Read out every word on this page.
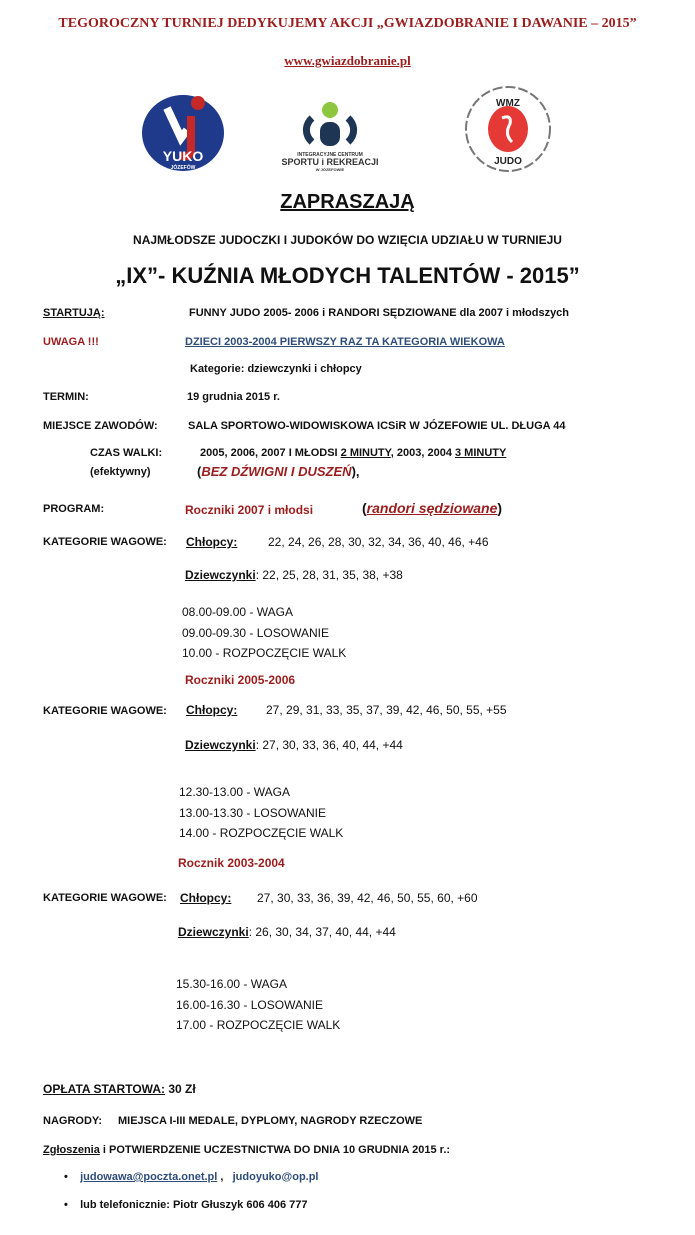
TEGOROCZNY TURNIEJ DEDYKUJEMY AKCJI „GWIAZDOBRANIE I DAWANIE – 2015”
www.gwiazdobranie.pl
YUKO
JÓZEFÓW
INTEGRACYJNE CENTRUM
SPORTU i REKREACJI
W JÓZEFOWIE
WMZ
JUDO
ZAPRASZAJĄ
NAJMŁODSZE JUDOCZKI I JUDOKÓW DO WZIĘCIA UDZIAŁU W TURNIEJU
„IX”- KUŹNIA MŁODYCH TALENTÓW - 2015”
STARTUJĄ:	FUNNY JUDO 2005- 2006 i RANDORI SĘDZIOWANE dla 2007 i młodszych
UWAGA !!!	DZIECI 2003-2004 PIERWSZY RAZ TA KATEGORIA WIEKOWA
Kategorie: dziewczynki i chłopcy
TERMIN:	19 grudnia 2015 r.
MIEJSCE ZAWODÓW:	SALA SPORTOWO-WIDOWISKOWA ICSiR W JÓZEFOWIE UL. DŁUGA 44
CZAS WALKI:	2005, 2006, 2007 I MŁODSI 2 MINUTY, 2003, 2004 3 MINUTY
(efektywny)	(BEZ DŹWIGNI I DUSZEŃ),
PROGRAM:	Roczniki 2007 i młodsi	(randori sędziowane)
KATEGORIE WAGOWE: Chłopcy:	22, 24, 26, 28, 30, 32, 34, 36, 40, 46, +46
Dziewczynki: 22, 25, 28, 31, 35, 38, +38
08.00-09.00 - WAGA
09.00-09.30 - LOSOWANIE
10.00 - ROZPOCZĘCIE WALK
Roczniki 2005-2006
KATEGORIE WAGOWE: Chłopcy: 27, 29, 31, 33, 35, 37, 39, 42, 46, 50, 55, +55
Dziewczynki: 27, 30, 33, 36, 40, 44, +44
12.30-13.00 - WAGA
13.00-13.30 - LOSOWANIE
14.00 - ROZPOCZĘCIE WALK
Rocznik 2003-2004
KATEGORIE WAGOWE: Chłopcy: 27, 30, 33, 36, 39, 42, 46, 50, 55, 60, +60
Dziewczynki: 26, 30, 34, 37, 40, 44, +44
15.30-16.00 - WAGA
16.00-16.30 - LOSOWANIE
17.00 - ROZPOCZĘCIE WALK
OPŁATA STARTOWA: 30 Zł
NAGRODY: MIEJSCA I-III MEDALE, DYPLOMY, NAGRODY RZECZOWE
Zgłoszenia i POTWIERDZENIE UCZESTNICTWA DO DNIA 10 GRUDNIA 2015 r.:
•    judowawa@poczta.onet.pl , judoyuko@op.pl
•    lub telefonicznie: Piotr Głuszyk 606 406 777
